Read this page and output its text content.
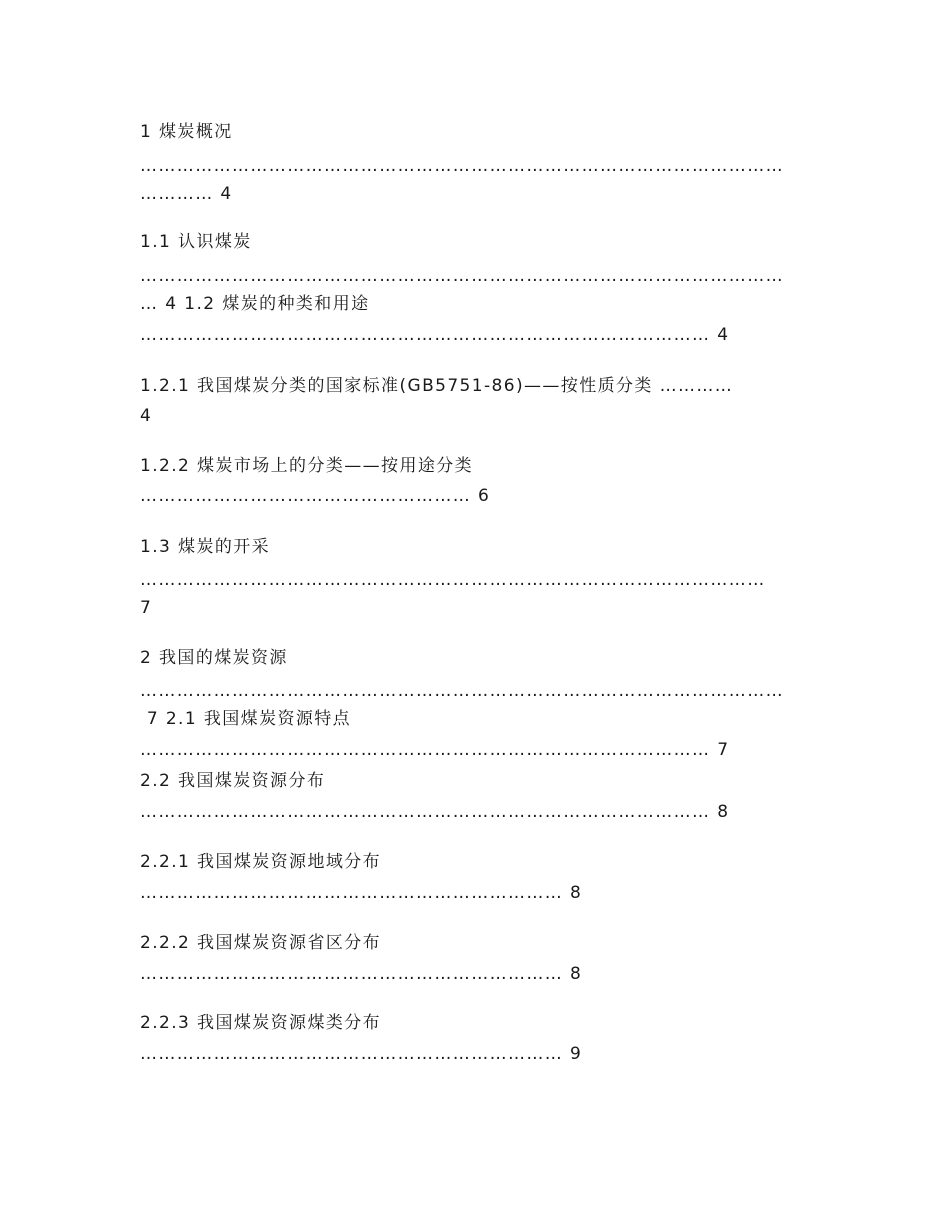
1 煤炭概况
……………………………………………………………………………………………
………… 4
1.1 认识煤炭
……………………………………………………………………………………………
… 4 1.2 煤炭的种类和用途
………………………………………………………………………………… 4
1.2.1 我国煤炭分类的国家标准(GB5751-86)——按性质分类 …………
4
1.2.2 煤炭市场上的分类——按用途分类
……………………………………………… 6
1.3 煤炭的开采
…………………………………………………………………………………………
7
2 我国的煤炭资源
……………………………………………………………………………………………
7 2.1 我国煤炭资源特点
………………………………………………………………………………… 7
2.2 我国煤炭资源分布
………………………………………………………………………………… 8
2.2.1 我国煤炭资源地域分布
…………………………………………………………… 8
2.2.2 我国煤炭资源省区分布
…………………………………………………………… 8
2.2.3 我国煤炭资源煤类分布
…………………………………………………………… 9
